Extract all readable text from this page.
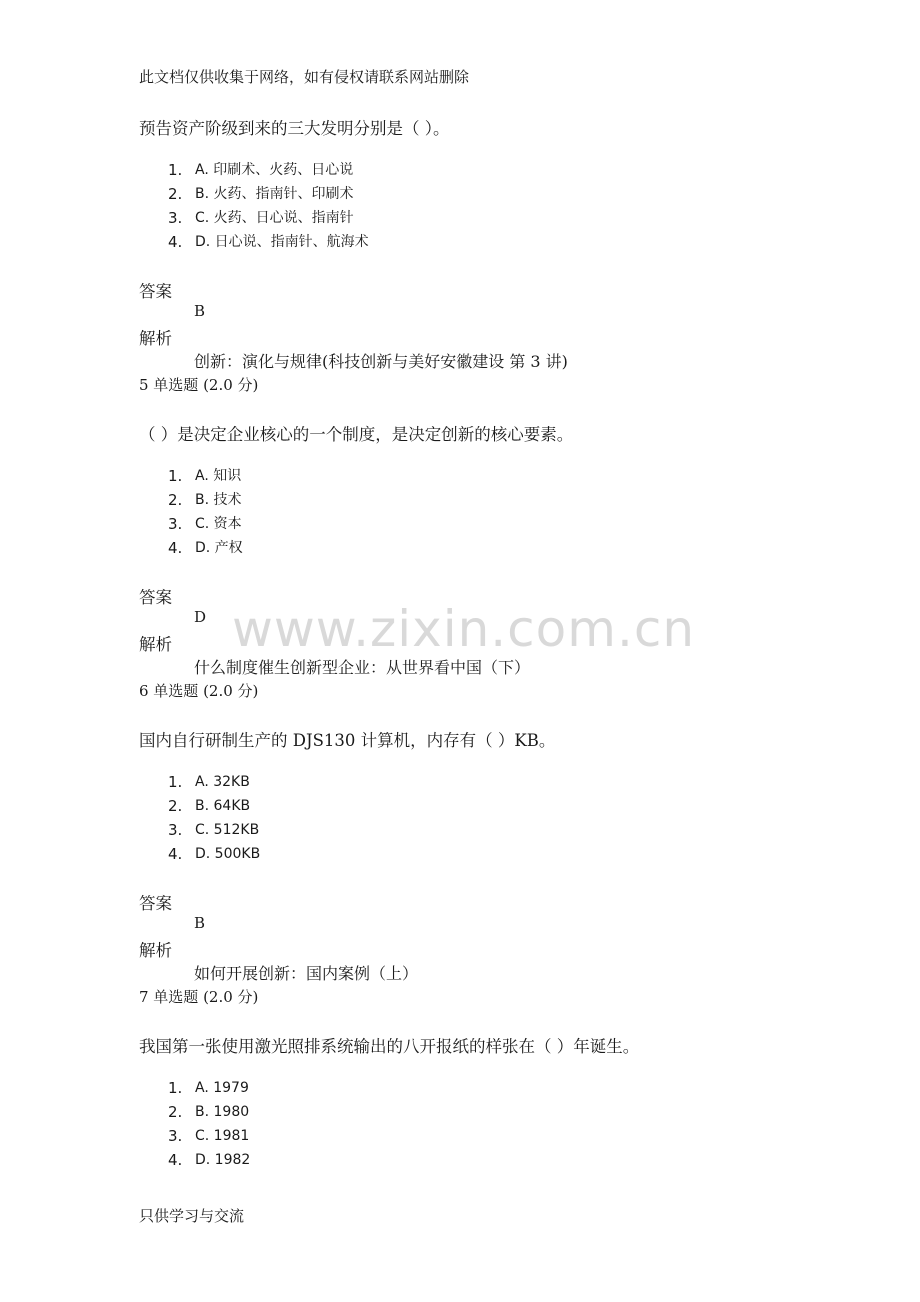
此文档仅供收集于网络，如有侵权请联系网站删除
预告资产阶级到来的三大发明分别是（ ）。
1. A. 印刷术、火药、日心说
2. B. 火药、指南针、印刷术
3. C. 火药、日心说、指南针
4. D. 日心说、指南针、航海术
答案
B
解析
创新：演化与规律(科技创新与美好安徽建设 第 3 讲)
5 单选题 (2.0 分)
（ ）是决定企业核心的一个制度，是决定创新的核心要素。
1. A. 知识
2. B. 技术
3. C. 资本
4. D. 产权
答案
D
解析
什么制度催生创新型企业：从世界看中国（下）
6 单选题 (2.0 分)
国内自行研制生产的 DJS130 计算机，内存有（ ）KB。
1. A. 32KB
2. B. 64KB
3. C. 512KB
4. D. 500KB
答案
B
解析
如何开展创新：国内案例（上）
7 单选题 (2.0 分)
我国第一张使用激光照排系统输出的八开报纸的样张在（ ）年诞生。
1. A. 1979
2. B. 1980
3. C. 1981
4. D. 1982
www.zixin.com.cn
只供学习与交流
